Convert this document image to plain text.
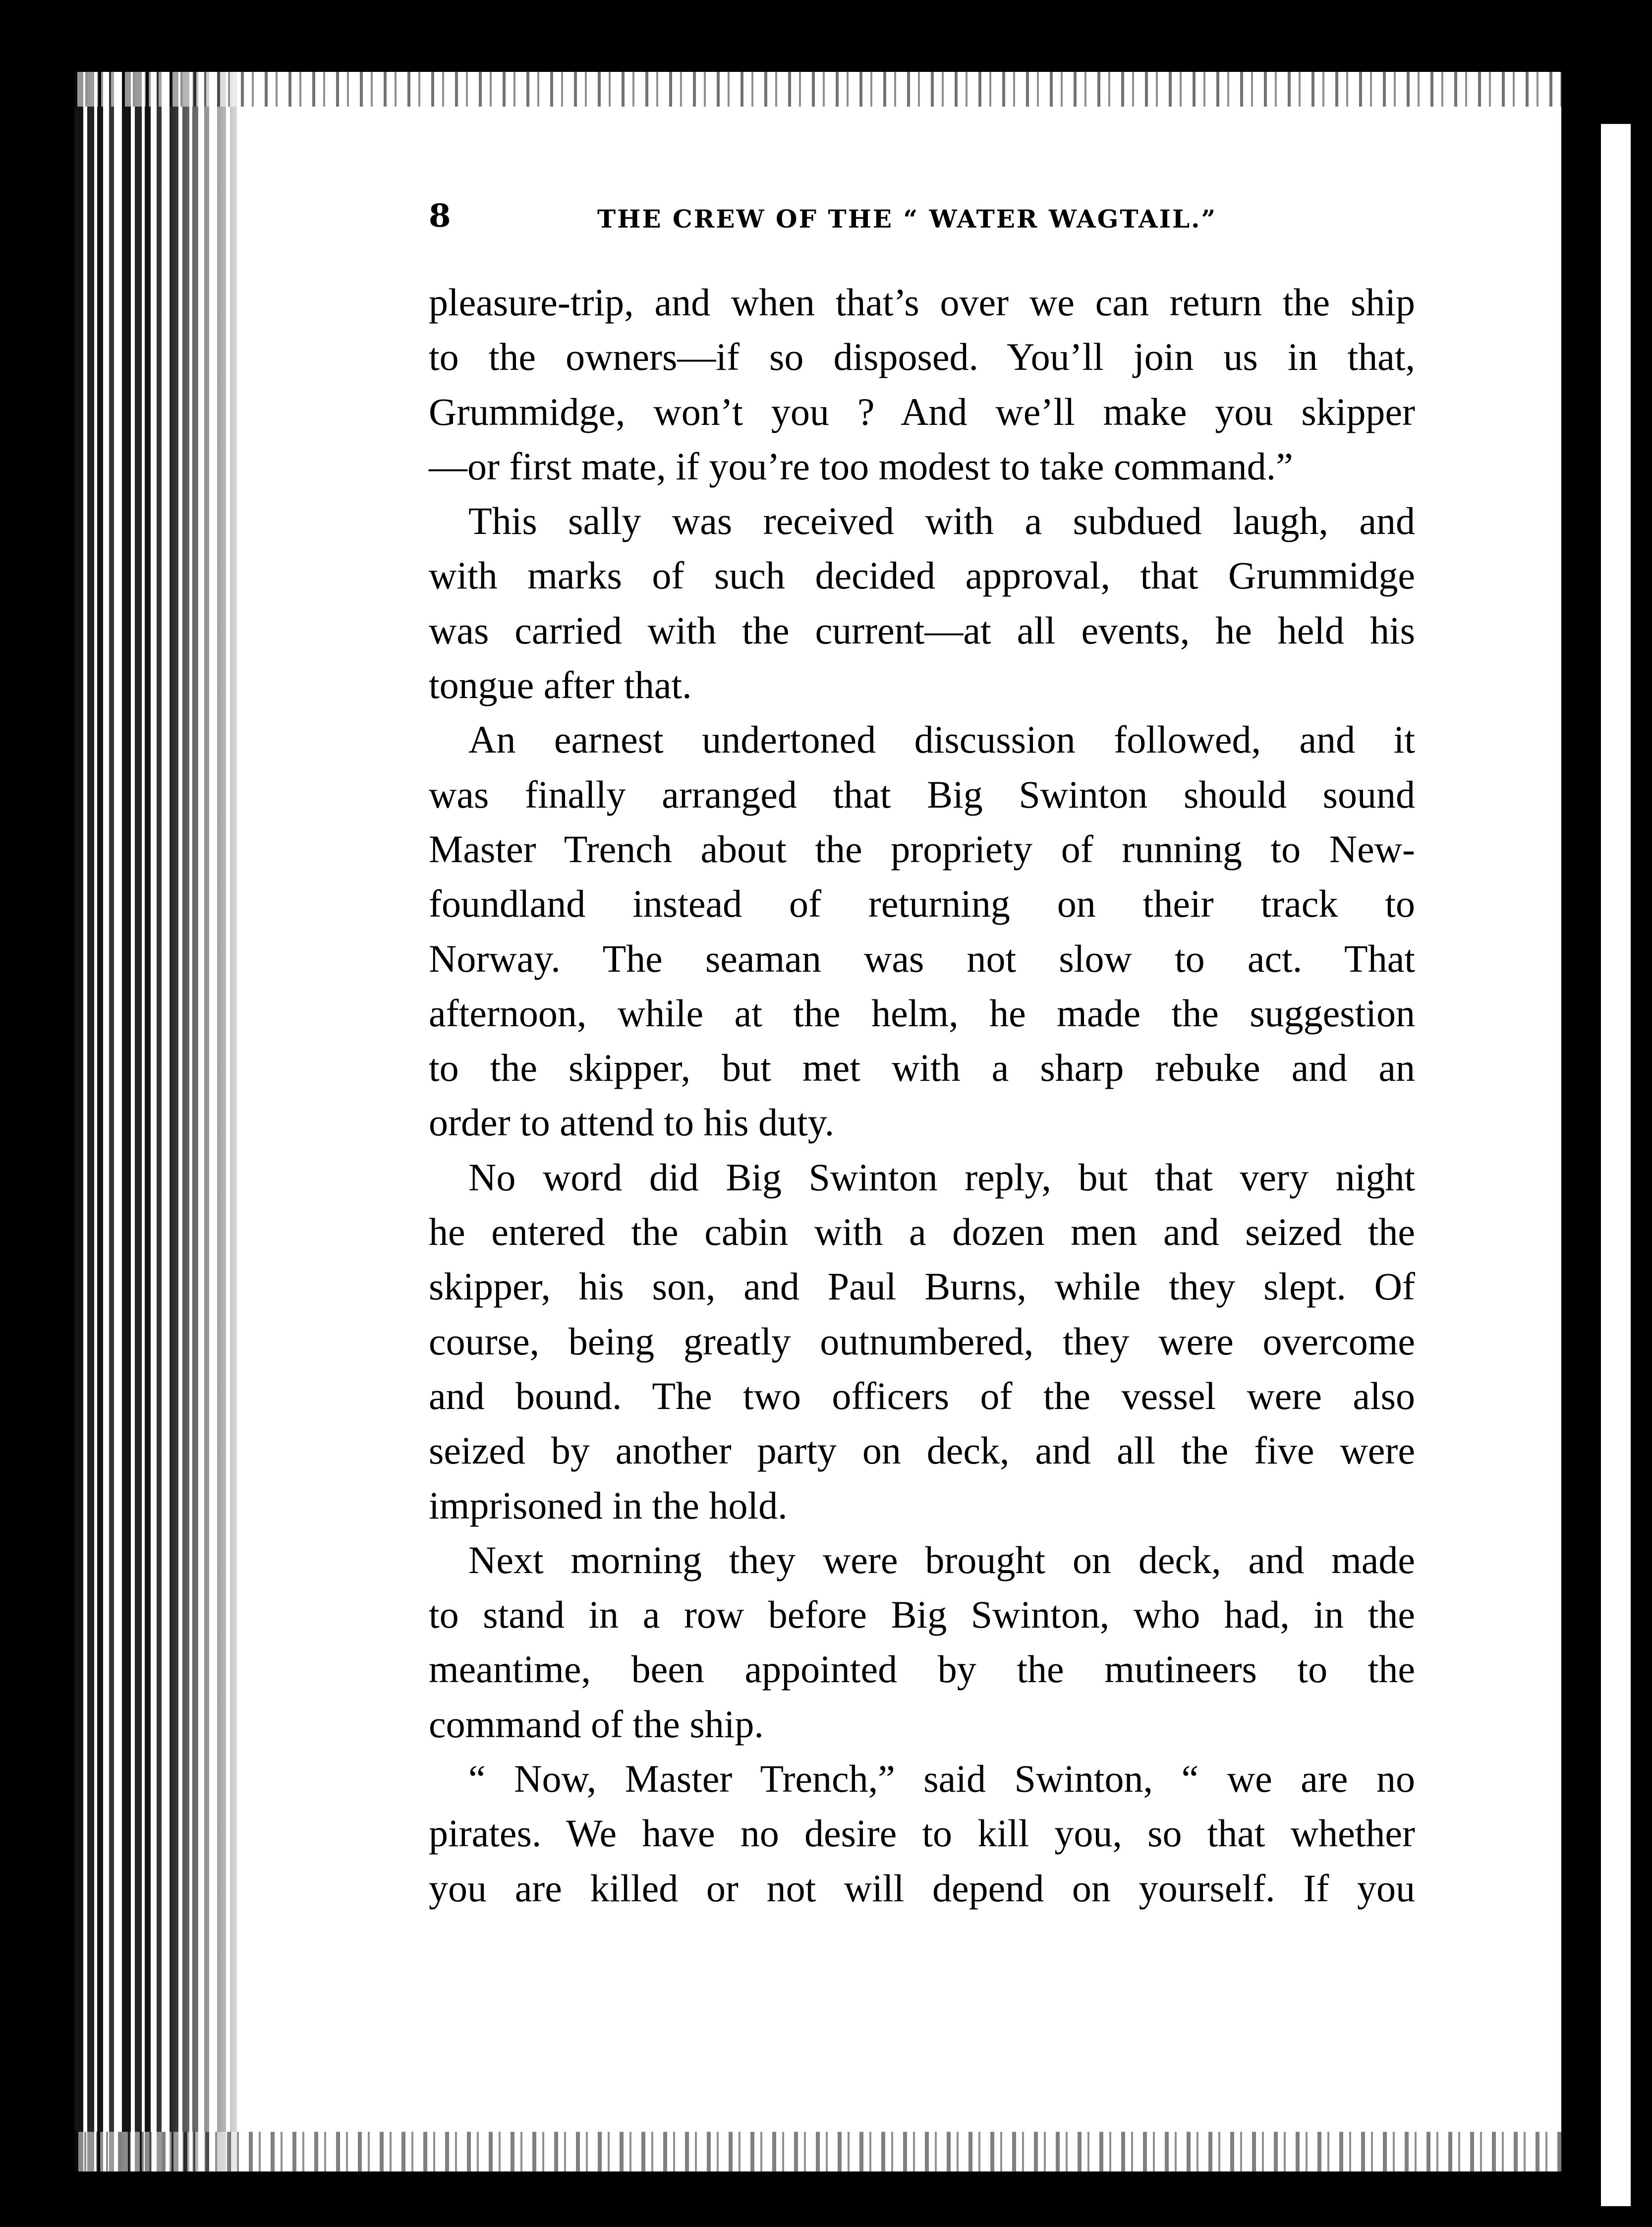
8	THE CREW OF THE “ WATER WAGTAIL.”
pleasure-trip, and when that’s over we can return the ship
to the owners—if so disposed. You’ll join us in that,
Grummidge, won’t you ? And we’ll make you skipper
—or first mate, if you’re too modest to take command.”
This sally was received with a subdued laugh, and
with marks of such decided approval, that Grummidge
was carried with the current—at all events, he held his
tongue after that.
An earnest undertoned discussion followed, and it
was finally arranged that Big Swinton should sound
Master Trench about the propriety of running to New-
foundland instead of returning on their track to
Norway. The seaman was not slow to act. That
afternoon, while at the helm, he made the suggestion
to the skipper, but met with a sharp rebuke and an
order to attend to his duty.
No word did Big Swinton reply, but that very night
he entered the cabin with a dozen men and seized the
skipper, his son, and Paul Burns, while they slept. Of
course, being greatly outnumbered, they were overcome
and bound. The two officers of the vessel were also
seized by another party on deck, and all the five were
imprisoned in the hold.
Next morning they were brought on deck, and made
to stand in a row before Big Swinton, who had, in the
meantime, been appointed by the mutineers to the
command of the ship.
“ Now, Master Trench,” said Swinton, “ we are no
pirates. We have no desire to kill you, so that whether
you are killed or not will depend on yourself. If you
